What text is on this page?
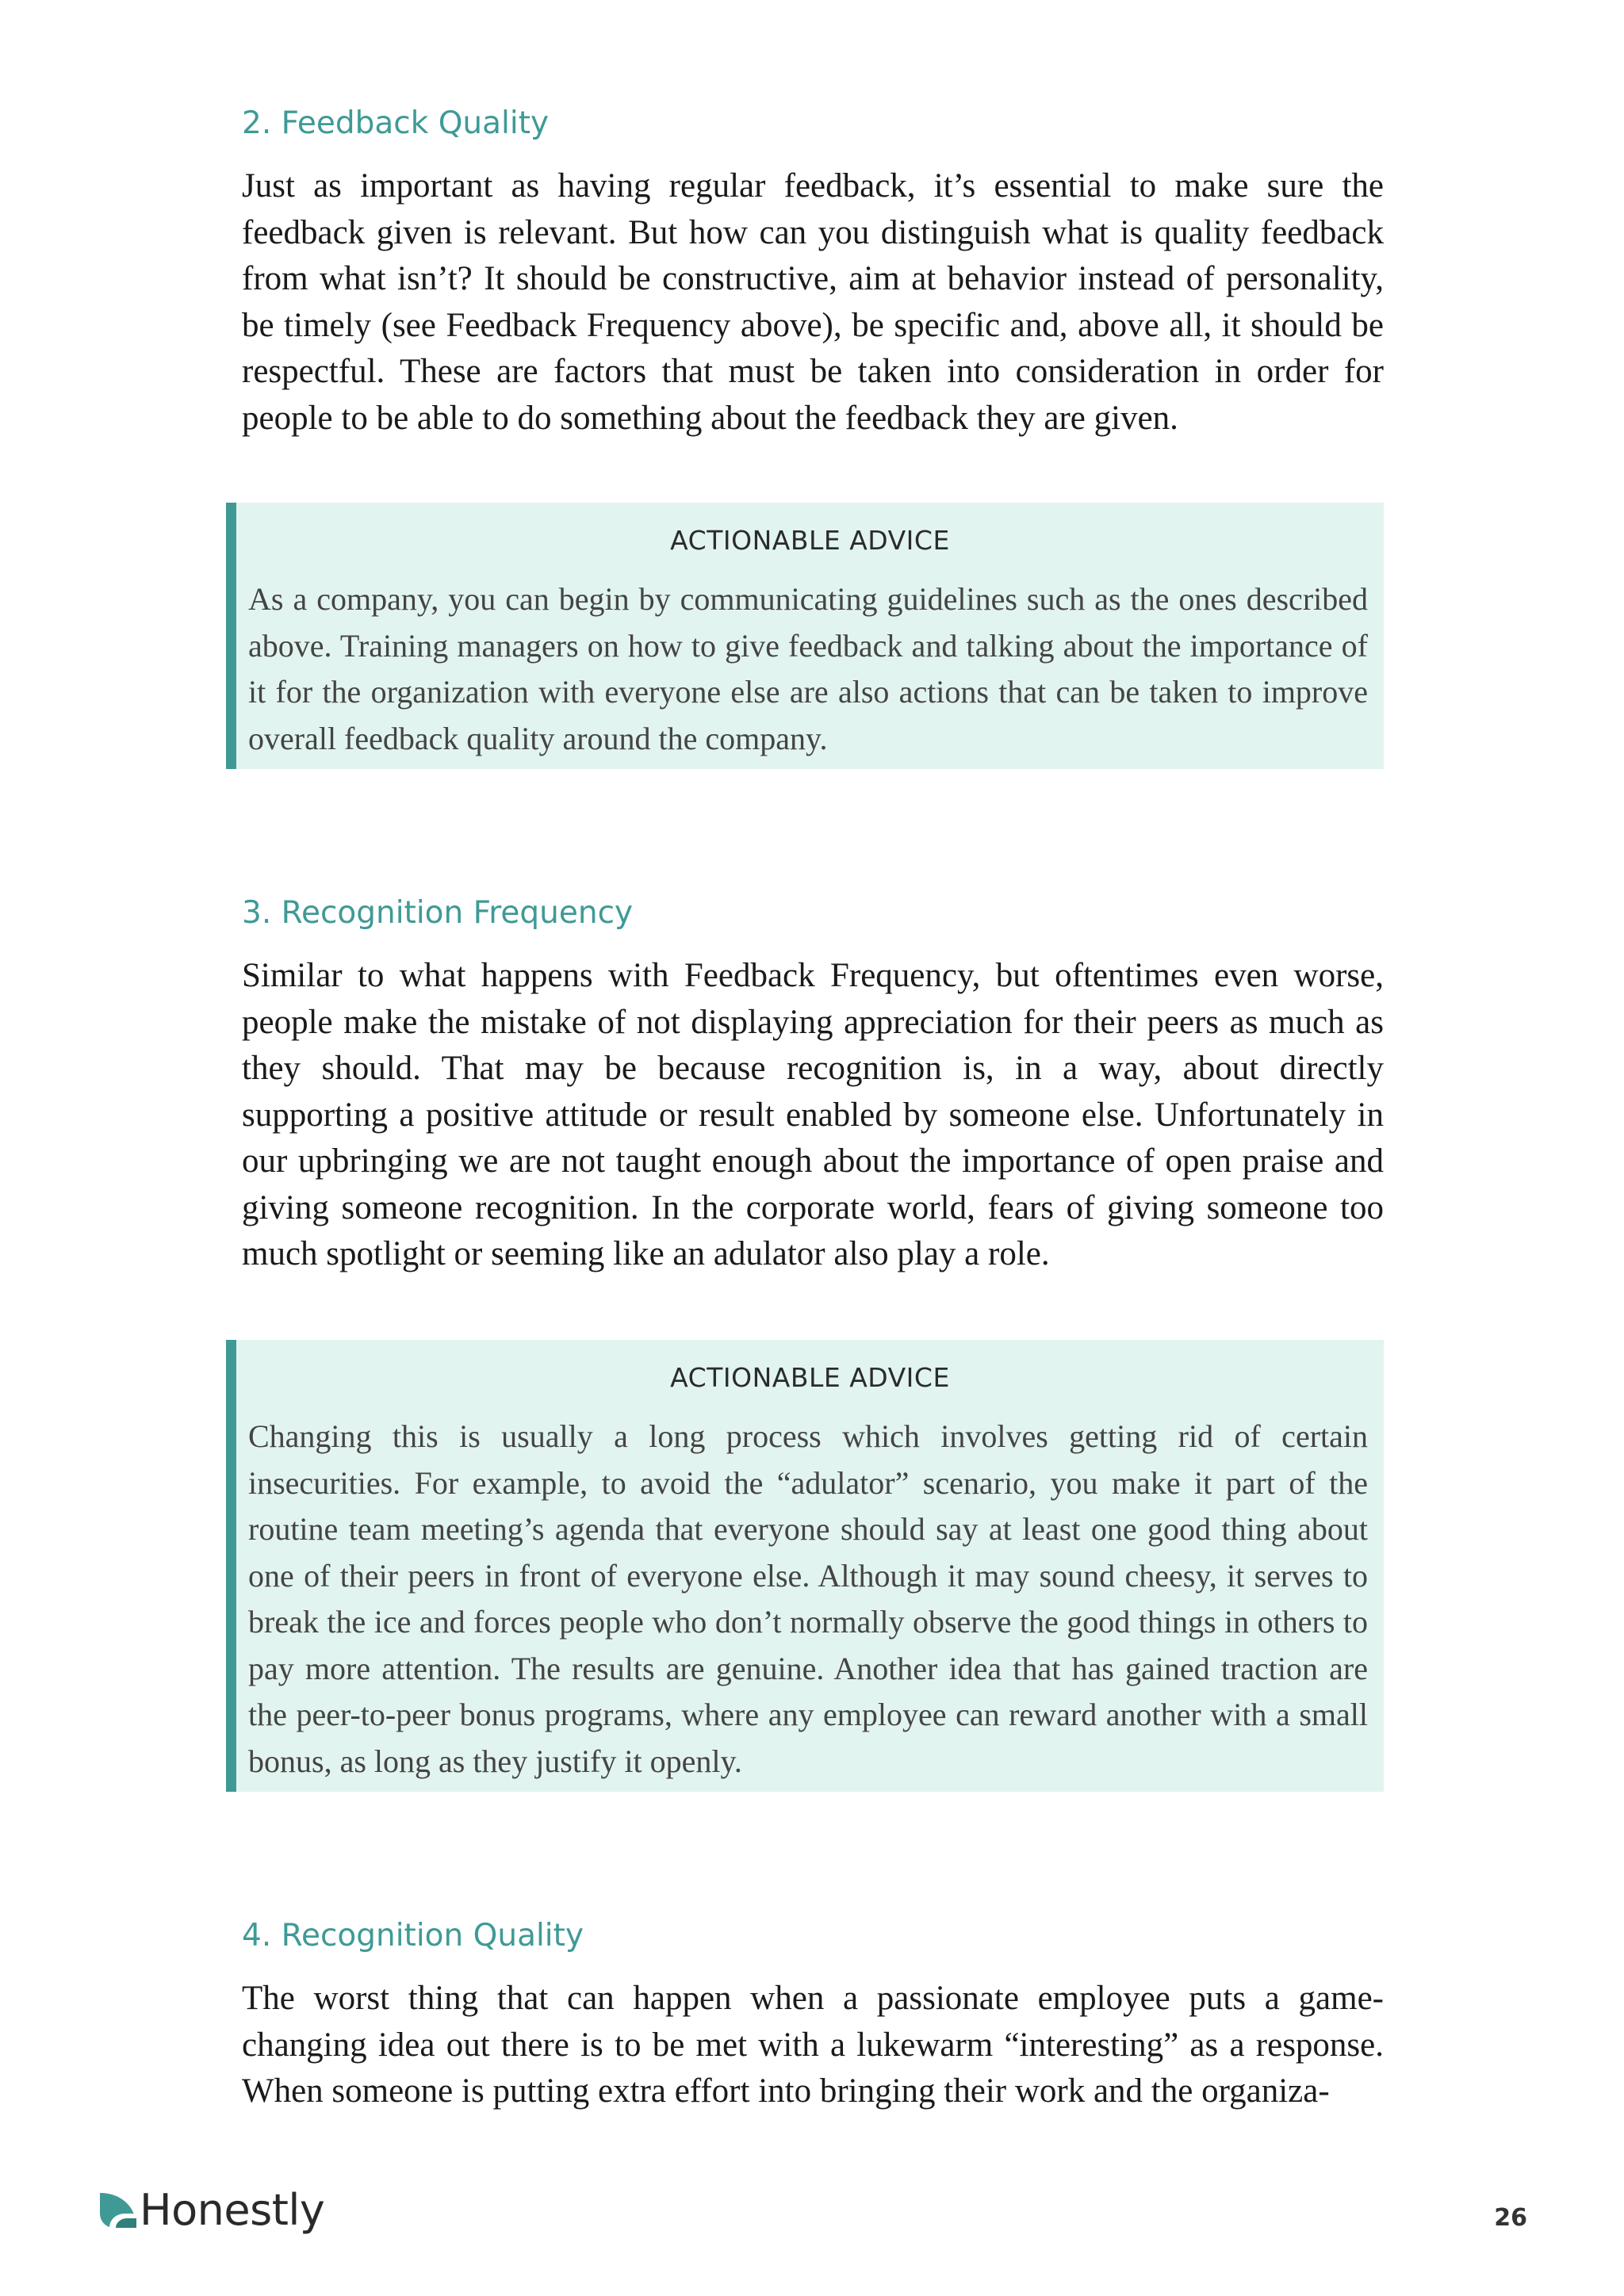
2. Feedback Quality

Just as important as having regular feedback, it’s essential to make sure the feedback given is relevant. But how can you distinguish what is quality feedback from what isn’t? It should be constructive, aim at behavior instead of personality, be timely (see Feedback Frequency above), be specific and, above all, it should be respectful. These are factors that must be taken into consideration in order for people to be able to do something about the feedback they are given.

ACTIONABLE ADVICE

As a company, you can begin by communicating guidelines such as the ones described above. Training managers on how to give feedback and talking about the importance of it for the organization with everyone else are also actions that can be taken to improve overall feedback quality around the company.

3. Recognition Frequency

Similar to what happens with Feedback Frequency, but oftentimes even worse, people make the mistake of not displaying appreciation for their peers as much as they should. That may be because recognition is, in a way, about directly supporting a positive attitude or result enabled by someone else. Unfortunately in our upbringing we are not taught enough about the importance of open praise and giving someone recognition. In the corporate world, fears of giving someone too much spotlight or seeming like an adulator also play a role.

ACTIONABLE ADVICE

Changing this is usually a long process which involves getting rid of certain insecurities. For example, to avoid the “adulator” scenario, you make it part of the routine team meeting’s agenda that everyone should say at least one good thing about one of their peers in front of everyone else. Although it may sound cheesy, it serves to break the ice and forces people who don’t normally observe the good things in others to pay more attention. The results are genuine. Another idea that has gained traction are the peer-to-peer bonus programs, where any employee can reward another with a small bonus, as long as they justify it openly.

4. Recognition Quality

The worst thing that can happen when a passionate employee puts a game-changing idea out there is to be met with a lukewarm “interesting” as a response. When someone is putting extra effort into bringing their work and the organiza-

Honestly	26
